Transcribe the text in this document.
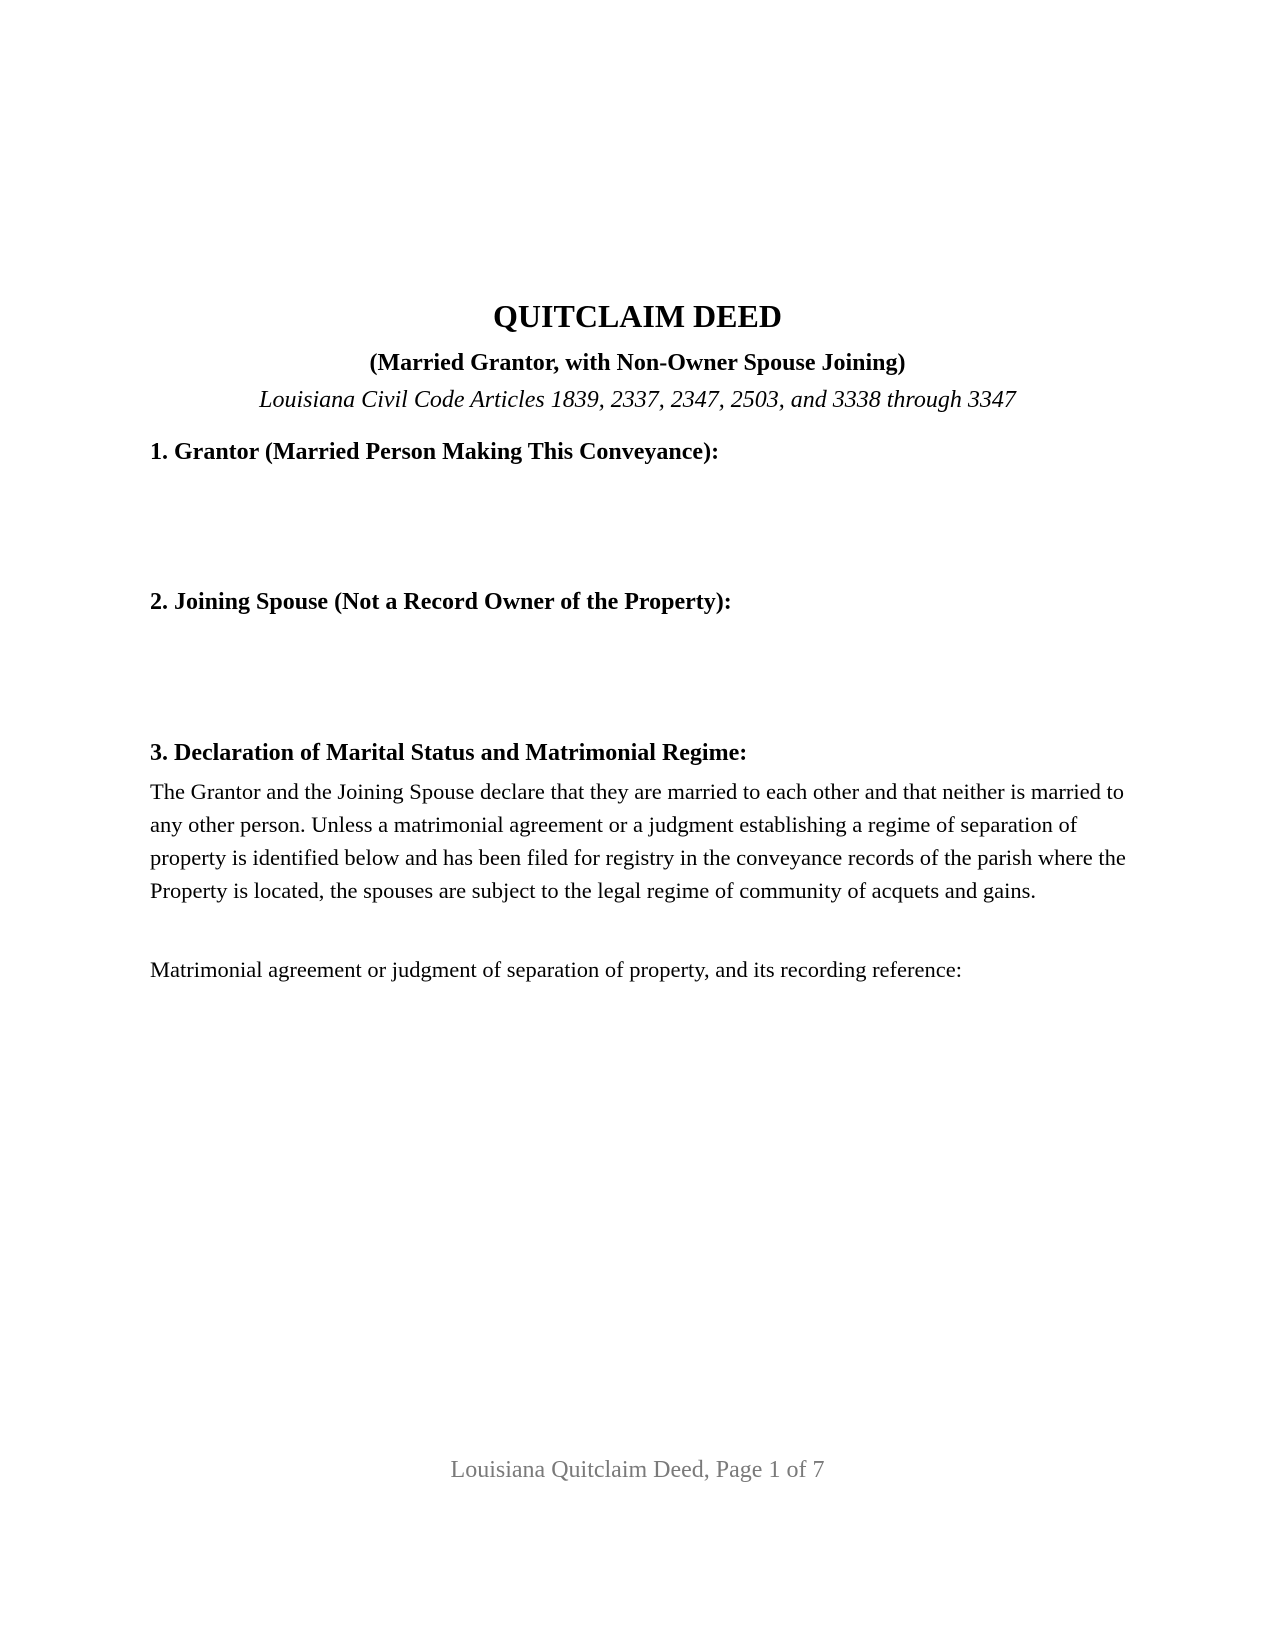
QUITCLAIM DEED

(Married Grantor, with Non-Owner Spouse Joining)

Louisiana Civil Code Articles 1839, 2337, 2347, 2503, and 3338 through 3347

1. Grantor (Married Person Making This Conveyance):
2. Joining Spouse (Not a Record Owner of the Property):
3. Declaration of Marital Status and Matrimonial Regime:

The Grantor and the Joining Spouse declare that they are married to each other and that neither is married to any other person. Unless a matrimonial agreement or a judgment establishing a regime of separation of property is identified below and has been filed for registry in the conveyance records of the parish where the Property is located, the spouses are subject to the legal regime of community of acquets and gains.

Matrimonial agreement or judgment of separation of property, and its recording reference:

Louisiana Quitclaim Deed, Page 1 of 7
